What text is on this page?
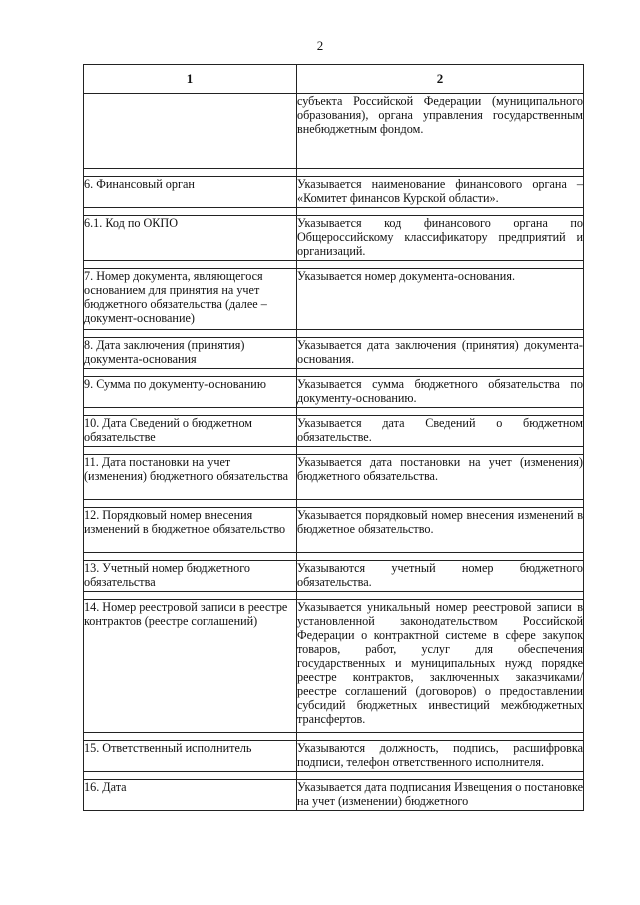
2
1	2
	субъекта Российской Федерации (муниципального образования), органа управления государственным внебюджетным фондом.

6. Финансовый орган	Указывается наименование финансового органа – «Комитет финансов Курской области».

6.1. Код по ОКПО	Указывается код финансового органа по Общероссийскому классификатору предприятий и организаций.

7. Номер документа, являющегося основанием для принятия на учет бюджетного обязательства (далее – документ-основание)	Указывается номер документа-основания.

8. Дата заключения (принятия) документа-основания	Указывается дата заключения (принятия) документа-основания.

9. Сумма по документу-основанию	Указывается сумма бюджетного обязательства по документу-основанию.

10. Дата Сведений о бюджетном обязательстве	Указывается дата Сведений о бюджетном обязательстве.

11. Дата постановки на учет (изменения) бюджетного обязательства	Указывается дата постановки на учет (изменения) бюджетного обязательства.

12. Порядковый номер внесения изменений в бюджетное обязательство	Указывается порядковый номер внесения изменений в бюджетное обязательство.

13. Учетный номер бюджетного обязательства	Указываются учетный номер бюджетного обязательства.

14. Номер реестровой записи в реестре контрактов (реестре соглашений)	Указывается уникальный номер реестровой записи в установленной законодательством Российской Федерации о контрактной системе в сфере закупок товаров, работ, услуг для обеспечения государственных и муниципальных нужд порядке реестре контрактов, заключенных заказчиками/реестре соглашений (договоров) о предоставлении субсидий бюджетных инвестиций межбюджетных трансфертов.

15. Ответственный исполнитель	Указываются должность, подпись, расшифровка подписи, телефон ответственного исполнителя.

16. Дата	Указывается дата подписания Извещения о постановке на учет (изменении) бюджетного
